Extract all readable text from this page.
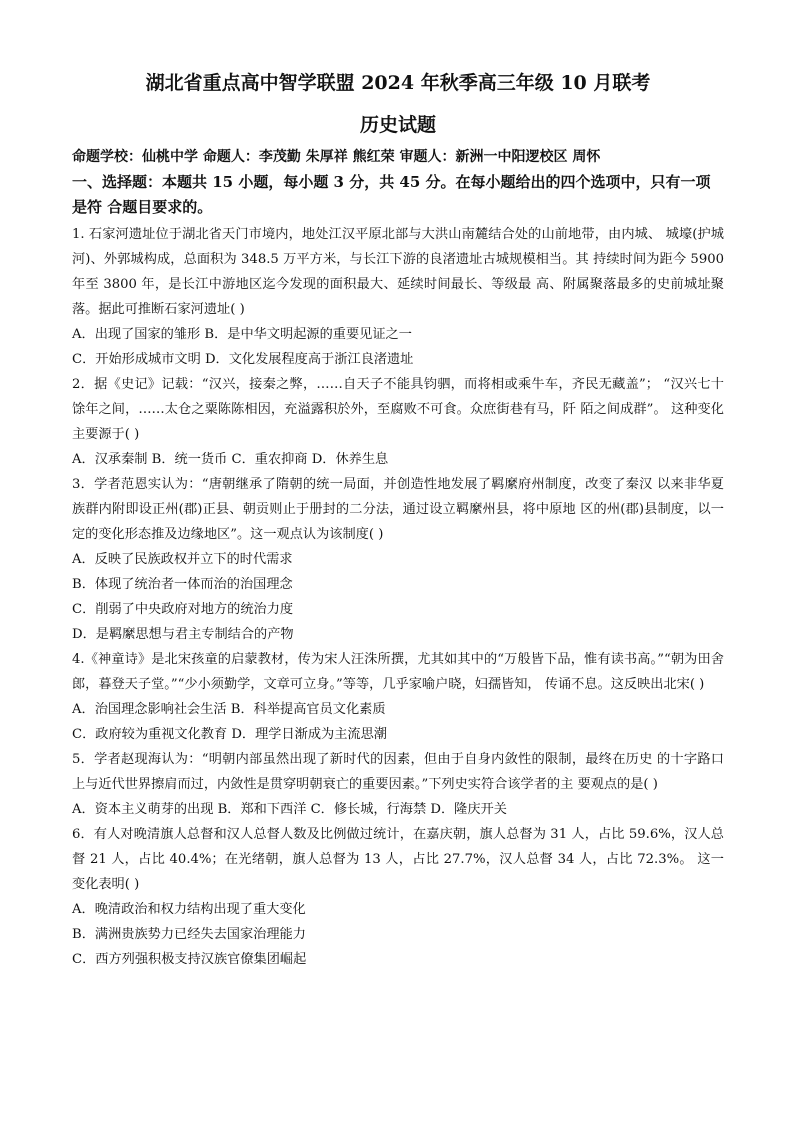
湖北省重点高中智学联盟 2024 年秋季高三年级 10 月联考
历史试题

命题学校：仙桃中学 命题人：李茂勤 朱厚祥 熊红荣 审题人：新洲一中阳逻校区 周怀

一、选择题：本题共 15 小题，每小题 3 分，共 45 分。在每小题给出的四个选项中，只有一项是符 合题目要求的。

1. 石家河遗址位于湖北省天门市境内，地处江汉平原北部与大洪山南麓结合处的山前地带，由内城、 城壕(护城河)、外郭城构成，总面积为 348.5 万平方米，与长江下游的良渚遗址古城规模相当。其 持续时间为距今 5900 年至 3800 年，是长江中游地区迄今发现的面积最大、延续时间最长、等级最 高、附属聚落最多的史前城址聚落。据此可推断石家河遗址( )

A．出现了国家的雏形 B．是中华文明起源的重要见证之一

C．开始形成城市文明 D．文化发展程度高于浙江良渚遗址

2．据《史记》记载：“汉兴，接秦之弊，……自天子不能具钧驷，而将相或乘牛车，齐民无藏盖”； “汉兴七十馀年之间，……太仓之粟陈陈相因，充溢露积於外，至腐败不可食。众庶街巷有马，阡 陌之间成群”。 这种变化主要源于( )

A．汉承秦制 B．统一货币 C．重农抑商 D．休养生息

3．学者范恩实认为：“唐朝继承了隋朝的统一局面，并创造性地发展了羁縻府州制度，改变了秦汉 以来非华夏族群内附即设正州(郡)正县、朝贡则止于册封的二分法，通过设立羁縻州县，将中原地 区的州(郡)县制度，以一定的变化形态推及边缘地区”。这一观点认为该制度( )

A．反映了民族政权并立下的时代需求

B．体现了统治者一体而治的治国理念

C．削弱了中央政府对地方的统治力度

D．是羁縻思想与君主专制结合的产物

4.《神童诗》是北宋孩童的启蒙教材，传为宋人汪洙所撰，尤其如其中的“万般皆下品，惟有读书高。”“朝为田舍郎，暮登天子堂。”“少小须勤学，文章可立身。”等等，几乎家喻户晓，妇孺皆知， 传诵不息。这反映出北宋( )

A．治国理念影响社会生活 B．科举提高官员文化素质

C．政府较为重视文化教育 D．理学日渐成为主流思潮

5．学者赵现海认为：“明朝内部虽然出现了新时代的因素，但由于自身内敛性的限制，最终在历史 的十字路口上与近代世界擦肩而过，内敛性是贯穿明朝衰亡的重要因素。”下列史实符合该学者的主 要观点的是( )

A．资本主义萌芽的出现 B．郑和下西洋 C．修长城，行海禁 D．隆庆开关

6．有人对晚清旗人总督和汉人总督人数及比例做过统计，在嘉庆朝，旗人总督为 31 人，占比 59.6%，汉人总督 21 人，占比 40.4%；在光绪朝，旗人总督为 13 人，占比 27.7%，汉人总督 34 人，占比 72.3%。 这一变化表明( )

A．晚清政治和权力结构出现了重大变化

B．满洲贵族势力已经失去国家治理能力

C．西方列强积极支持汉族官僚集团崛起
